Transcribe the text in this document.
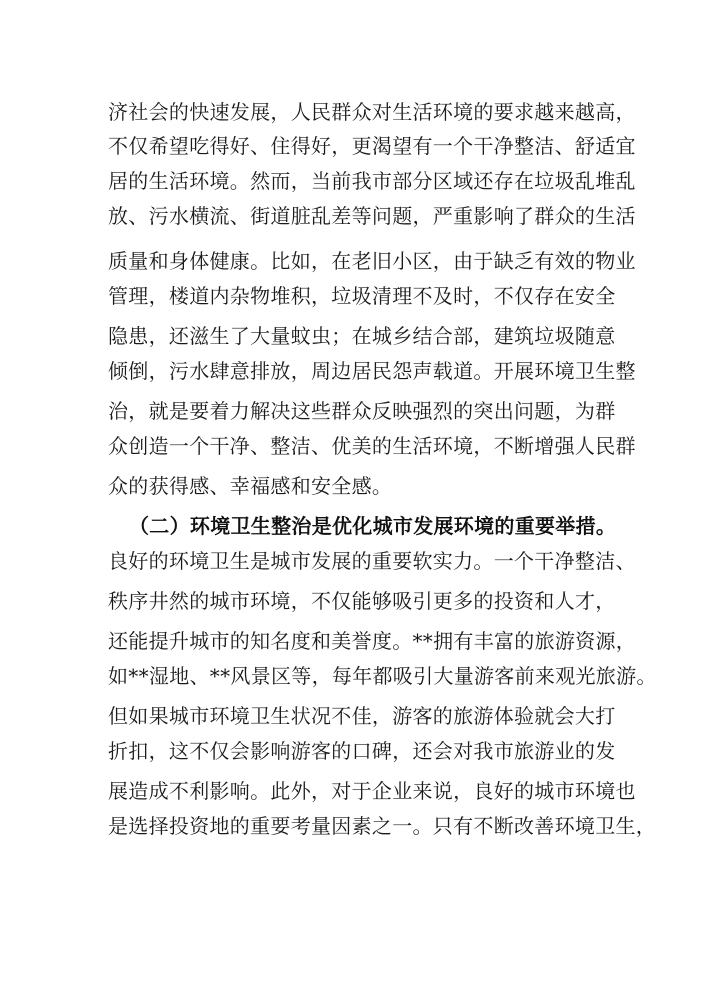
济社会的快速发展，人民群众对生活环境的要求越来越高，
不仅希望吃得好、住得好，更渴望有一个干净整洁、舒适宜
居的生活环境。然而，当前我市部分区域还存在垃圾乱堆乱
放、污水横流、街道脏乱差等问题，严重影响了群众的生活
质量和身体健康。比如，在老旧小区，由于缺乏有效的物业
管理，楼道内杂物堆积，垃圾清理不及时，不仅存在安全
隐患，还滋生了大量蚊虫；在城乡结合部，建筑垃圾随意
倾倒，污水肆意排放，周边居民怨声载道。开展环境卫生整
治，就是要着力解决这些群众反映强烈的突出问题，为群
众创造一个干净、整洁、优美的生活环境，不断增强人民群
众的获得感、幸福感和安全感。
（二）环境卫生整治是优化城市发展环境的重要举措。
良好的环境卫生是城市发展的重要软实力。一个干净整洁、
秩序井然的城市环境，不仅能够吸引更多的投资和人才，
还能提升城市的知名度和美誉度。**拥有丰富的旅游资源，
如**湿地、**风景区等，每年都吸引大量游客前来观光旅游。
但如果城市环境卫生状况不佳，游客的旅游体验就会大打
折扣，这不仅会影响游客的口碑，还会对我市旅游业的发
展造成不利影响。此外，对于企业来说，良好的城市环境也
是选择投资地的重要考量因素之一。只有不断改善环境卫生，
